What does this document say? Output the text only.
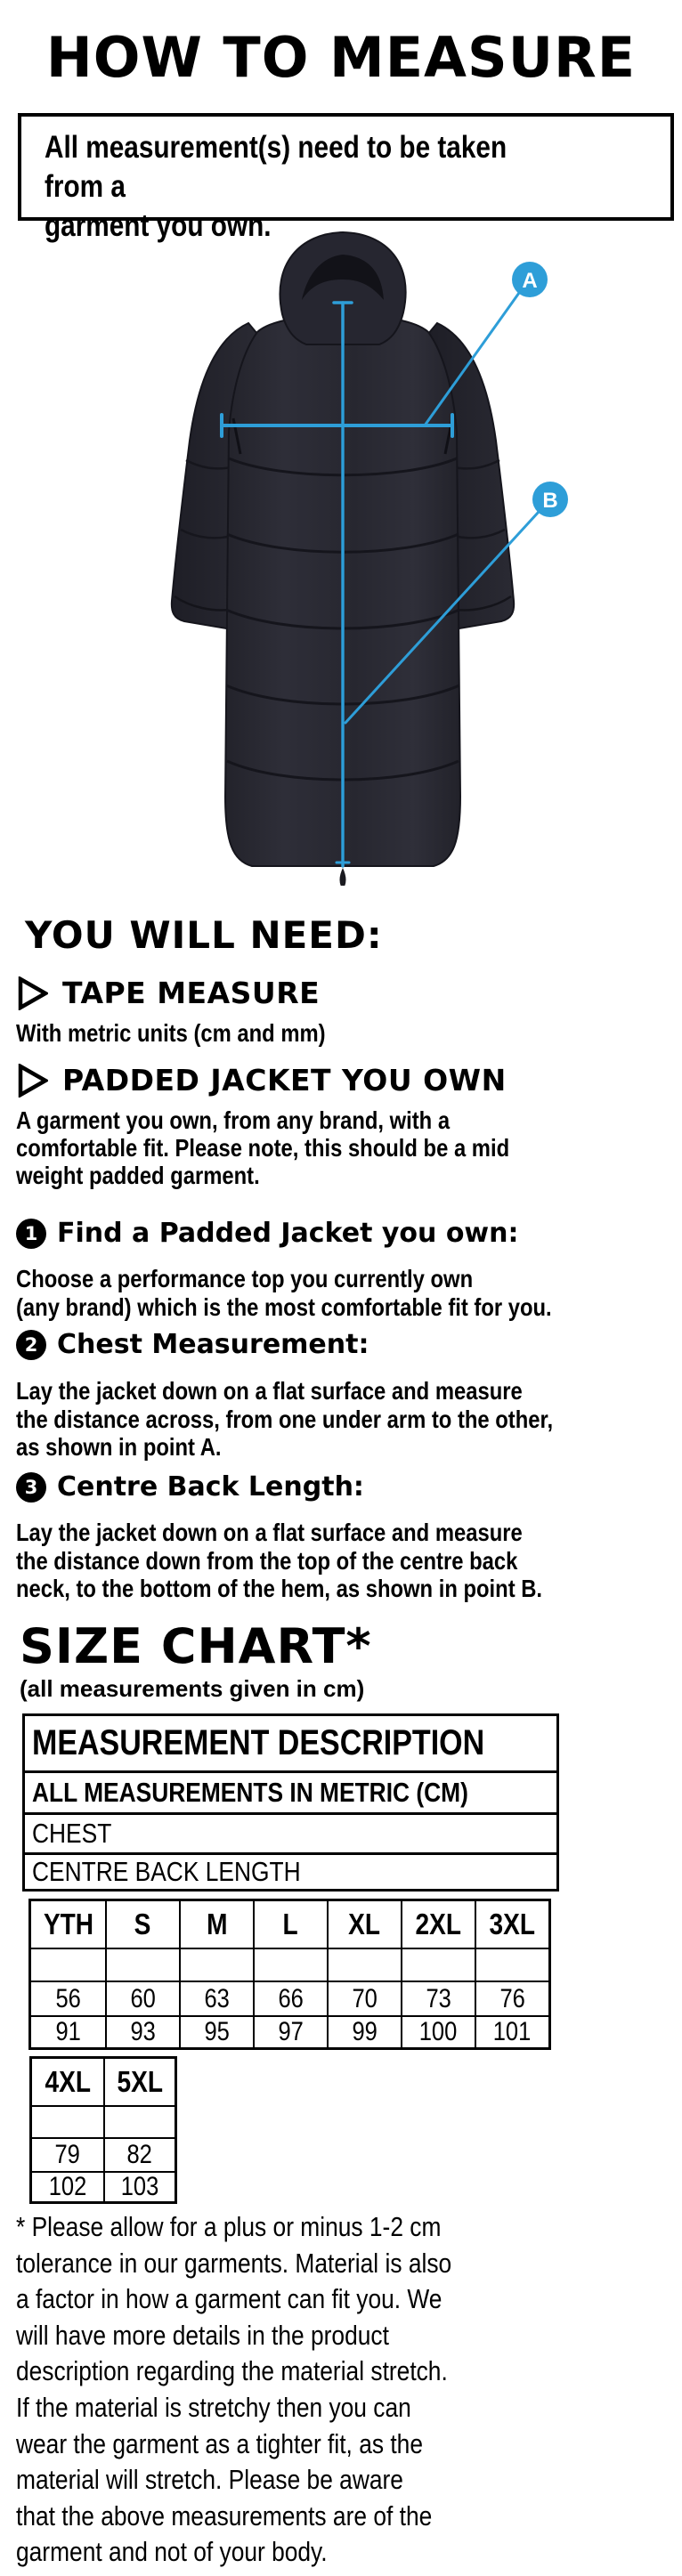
HOW TO MEASURE
All measurement(s) need to be taken from a
garment you own.
A
B
YOU WILL NEED:
TAPE MEASURE
With metric units (cm and mm)
PADDED JACKET YOU OWN
A garment you own, from any brand, with a
comfortable fit. Please note, this should be a mid
weight padded garment.
1 Find a Padded Jacket you own:
Choose a performance top you currently own
(any brand) which is the most comfortable fit for you.
2 Chest Measurement:
Lay the jacket down on a flat surface and measure
the distance across, from one under arm to the other,
as shown in point A.
3 Centre Back Length:
Lay the jacket down on a flat surface and measure
the distance down from the top of the centre back
neck, to the bottom of the hem, as shown in point B.
SIZE CHART*
(all measurements given in cm)
MEASUREMENT DESCRIPTION
ALL MEASUREMENTS IN METRIC (CM)
CHEST
CENTRE BACK LENGTH
YTH S M L XL 2XL 3XL
56 60 63 66 70 73 76
91 93 95 97 99 100 101
4XL 5XL
79 82
102 103
* Please allow for a plus or minus 1-2 cm
tolerance in our garments. Material is also
a factor in how a garment can fit you. We
will have more details in the product
description regarding the material stretch.
If the material is stretchy then you can
wear the garment as a tighter fit, as the
material will stretch. Please be aware
that the above measurements are of the
garment and not of your body.
